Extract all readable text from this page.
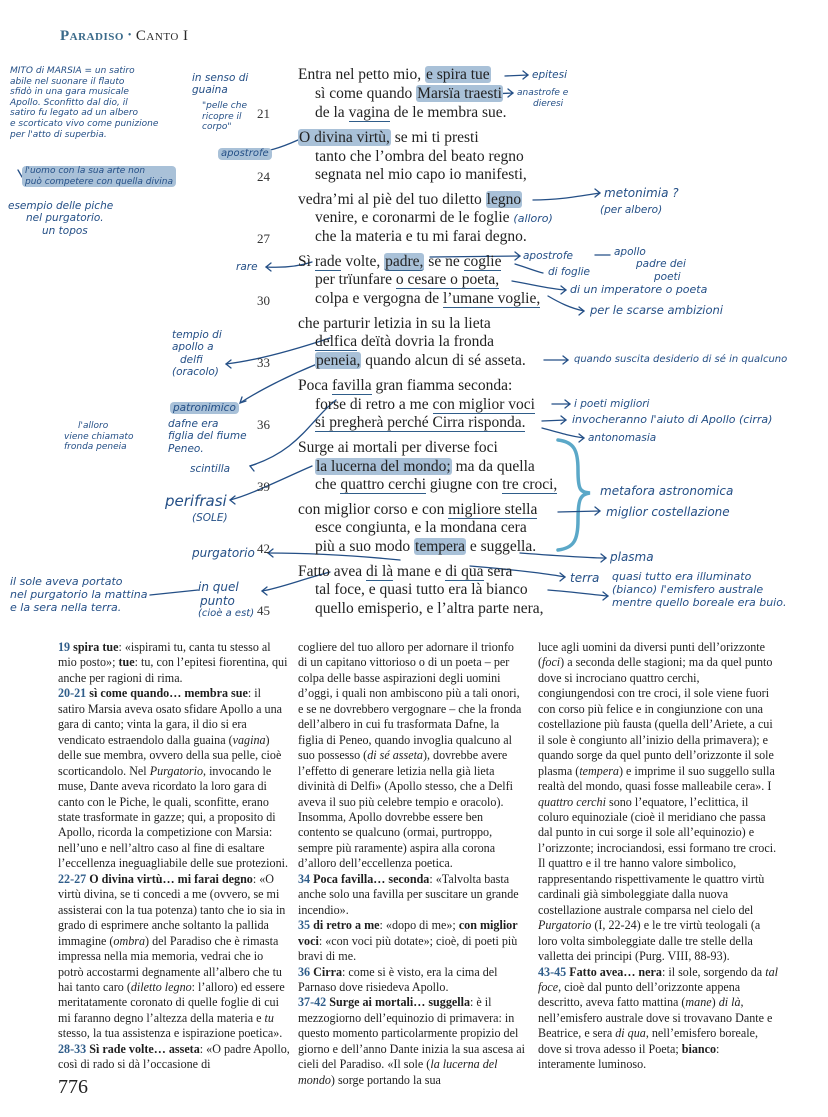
Paradiso • Canto I
Entra nel petto mio, e spira tue
sì come quando Marsïa traesti
de la vagina de le membra sue.
21
O divina virtù, se mi ti presti
tanto che l’ombra del beato regno
segnata nel mio capo io manifesti,
24
vedra’mi al piè del tuo diletto legno
venire, e coronarmi de le foglie (alloro)
che la materia e tu mi farai degno.
27
Sì rade volte, padre, se ne coglie
per trïunfare o cesare o poeta,
colpa e vergogna de l’umane voglie,
30
che parturir letizia in su la lieta
delfica deïtà dovria la fronda
peneia, quando alcun di sé asseta.
33
Poca favilla gran fiamma seconda:
forse di retro a me con miglior voci
si pregherà perché Cirra risponda.
36
Surge ai mortali per diverse foci
la lucerna del mondo; ma da quella
che quattro cerchi giugne con tre croci,
39
con miglior corso e con migliore stella
esce congiunta, e la mondana cera
più a suo modo tempera e suggella.
42
Fatto avea di là mane e di qua sera
tal foce, e quasi tutto era là bianco
quello emisperio, e l’altra parte nera,
45
MITO di MARSIA = un satiro
abile nel suonare il flauto
sfidò in una gara musicale
Apollo. Sconfitto dal dio, il
satiro fu legato ad un albero
e scorticato vivo come punizione
per l'atto di superbia.
l'uomo con la sua arte non
può competere con quella divina
esempio delle piche
nel purgatorio.
un topos
in senso di
guaina
"pelle che
ricopre il
corpo"
apostrofe
rare
tempio di
apollo a
delfi
(oracolo)
patronimico
dafne era
figlia del fiume
Peneo.
l'alloro
viene chiamato
fronda peneia
scintilla
perifrasi
(SOLE)
purgatorio
in quel
punto
(cioè a est)
il sole aveva portato
nel purgatorio la mattina
e la sera nella terra.
epitesi
anastrofe e
dieresi
metonimia ?
(per albero)
apostrofe	apollo
padre dei
poeti
di foglie
di un imperatore o poeta
per le scarse ambizioni
quando suscita desiderio di sé in qualcuno
i poeti migliori
invocheranno l'aiuto di Apollo (cirra)
antonomasia
metafora astronomica
miglior costellazione
plasma
terra quasi tutto era illuminato
(bianco) l'emisfero australe
mentre quello boreale era buio.

19 spira tue: «ispirami tu, canta tu stesso al mio posto»; tue: tu, con l’epitesi fiorentina, qui anche per ragioni di rima.

20-21 sì come quando… membra sue: il satiro Marsia aveva osato sfidare Apollo a una gara di canto; vinta la gara, il dio si era vendicato estraendolo dalla guaina (vagina) delle sue membra, ovvero della sua pelle, cioè scorticandolo. Nel Purgatorio, invocando le muse, Dante aveva ricordato la loro gara di canto con le Piche, le quali, sconfitte, erano state trasformate in gazze; qui, a proposito di Apollo, ricorda la competizione con Marsia: nell’uno e nell’altro caso al fine di esaltare l’eccellenza ineguagliabile delle sue protezioni.

22-27 O divina virtù… mi farai degno: «O virtù divina, se ti concedi a me (ovvero, se mi assisterai con la tua potenza) tanto che io sia in grado di esprimere anche soltanto la pallida immagine (ombra) del Paradiso che è rimasta impressa nella mia memoria, vedrai che io potrò accostarmi degnamente all’albero che tu hai tanto caro (diletto legno: l’alloro) ed essere meritatamente coronato di quelle foglie di cui mi faranno degno l’altezza della materia e tu stesso, la tua assistenza e ispirazione poetica».

28-33 Sì rade volte… asseta: «O padre Apollo, così di rado si dà l’occasione di

cogliere del tuo alloro per adornare il trionfo di un capitano vittorioso o di un poeta – per colpa delle basse aspirazioni degli uomini d’oggi, i quali non ambiscono più a tali onori, e se ne dovrebbero vergognare – che la fronda dell’albero in cui fu trasformata Dafne, la figlia di Peneo, quando invoglia qualcuno al suo possesso (di sé asseta), dovrebbe avere l’effetto di generare letizia nella già lieta divinità di Delfi» (Apollo stesso, che a Delfi aveva il suo più celebre tempio e oracolo). Insomma, Apollo dovrebbe essere ben contento se qualcuno (ormai, purtroppo, sempre più raramente) aspira alla corona d’alloro dell’eccellenza poetica.

34 Poca favilla… seconda: «Talvolta basta anche solo una favilla per suscitare un grande incendio».

35 di retro a me: «dopo di me»; con miglior voci: «con voci più dotate»; cioè, di poeti più bravi di me.

36 Cirra: come si è visto, era la cima del Parnaso dove risiedeva Apollo.

37-42 Surge ai mortali… suggella: è il mezzogiorno dell’equinozio di primavera: in questo momento particolarmente propizio del giorno e dell’anno Dante inizia la sua ascesa ai cieli del Paradiso. «Il sole (la lucerna del mondo) sorge portando la sua

luce agli uomini da diversi punti dell’orizzonte (foci) a seconda delle stagioni; ma da quel punto dove si incrociano quattro cerchi, congiungendosi con tre croci, il sole viene fuori con corso più felice e in congiunzione con una costellazione più fausta (quella dell’Ariete, a cui il sole è congiunto all’inizio della primavera); e quando sorge da quel punto dell’orizzonte il sole plasma (tempera) e imprime il suo suggello sulla realtà del mondo, quasi fosse malleabile cera». I quattro cerchi sono l’equatore, l’eclittica, il coluro equinoziale (cioè il meridiano che passa dal punto in cui sorge il sole all’equinozio) e l’orizzonte; incrociandosi, essi formano tre croci. Il quattro e il tre hanno valore simbolico, rappresentando rispettivamente le quattro virtù cardinali già simboleggiate dalla nuova costellazione australe comparsa nel cielo del Purgatorio (I, 22-24) e le tre virtù teologali (a loro volta simboleggiate dalle tre stelle della valletta dei principi (Purg. VIII, 88-93).

43-45 Fatto avea… nera: il sole, sorgendo da tal foce, cioè dal punto dell’orizzonte appena descritto, aveva fatto mattina (mane) di là, nell’emisfero australe dove si trovavano Dante e Beatrice, e sera di qua, nell’emisfero boreale, dove si trova adesso il Poeta; bianco: interamente luminoso.

776
